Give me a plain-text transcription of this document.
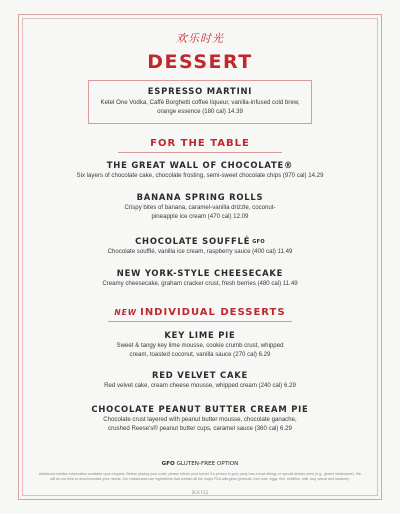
欢乐时光
DESSERT
ESPRESSO MARTINI
Ketel One Vodka, Caffè Borghetti coffee liqueur, vanilla-infused cold brew, orange essence (180 cal) 14.39
FOR THE TABLE
THE GREAT WALL OF CHOCOLATE®
Six layers of chocolate cake, chocolate frosting, semi-sweet chocolate chips (970 cal) 14.29
BANANA SPRING ROLLS
Crispy bites of banana, caramel-vanilla drizzle, coconut-pineapple ice cream (470 cal) 12.09
CHOCOLATE SOUFFLÉ GFO
Chocolate soufflé, vanilla ice cream, raspberry sauce (400 cal) 11.49
NEW YORK-STYLE CHEESECAKE
Creamy cheesecake, graham cracker crust, fresh berries (480 cal) 11.49
NEW INDIVIDUAL DESSERTS
KEY LIME PIE
Sweet & tangy key lime mousse, cookie crumb crust, whipped cream, toasted coconut, vanilla sauce (270 cal) 6.29
RED VELVET CAKE
Red velvet cake, cream cheese mousse, whipped cream (240 cal) 6.29
CHOCOLATE PEANUT BUTTER CREAM PIE
Chocolate crust layered with peanut butter mousse, chocolate ganache, crushed Reese's® peanut butter cups, caramel sauce (360 cal) 6.29
GFO GLUTEN-FREE OPTION
Additional nutrition information available upon request. Before placing your order, please inform your server if a person in your party has a food allergy or special dietary need (e.g., gluten intolerance). We will do our best to accommodate your needs. Our restaurants use ingredients that contain all the major FDA allergens (peanuts, tree nuts, eggs, fish, shellfish, milk, soy, wheat and sesame).
SCA F11
